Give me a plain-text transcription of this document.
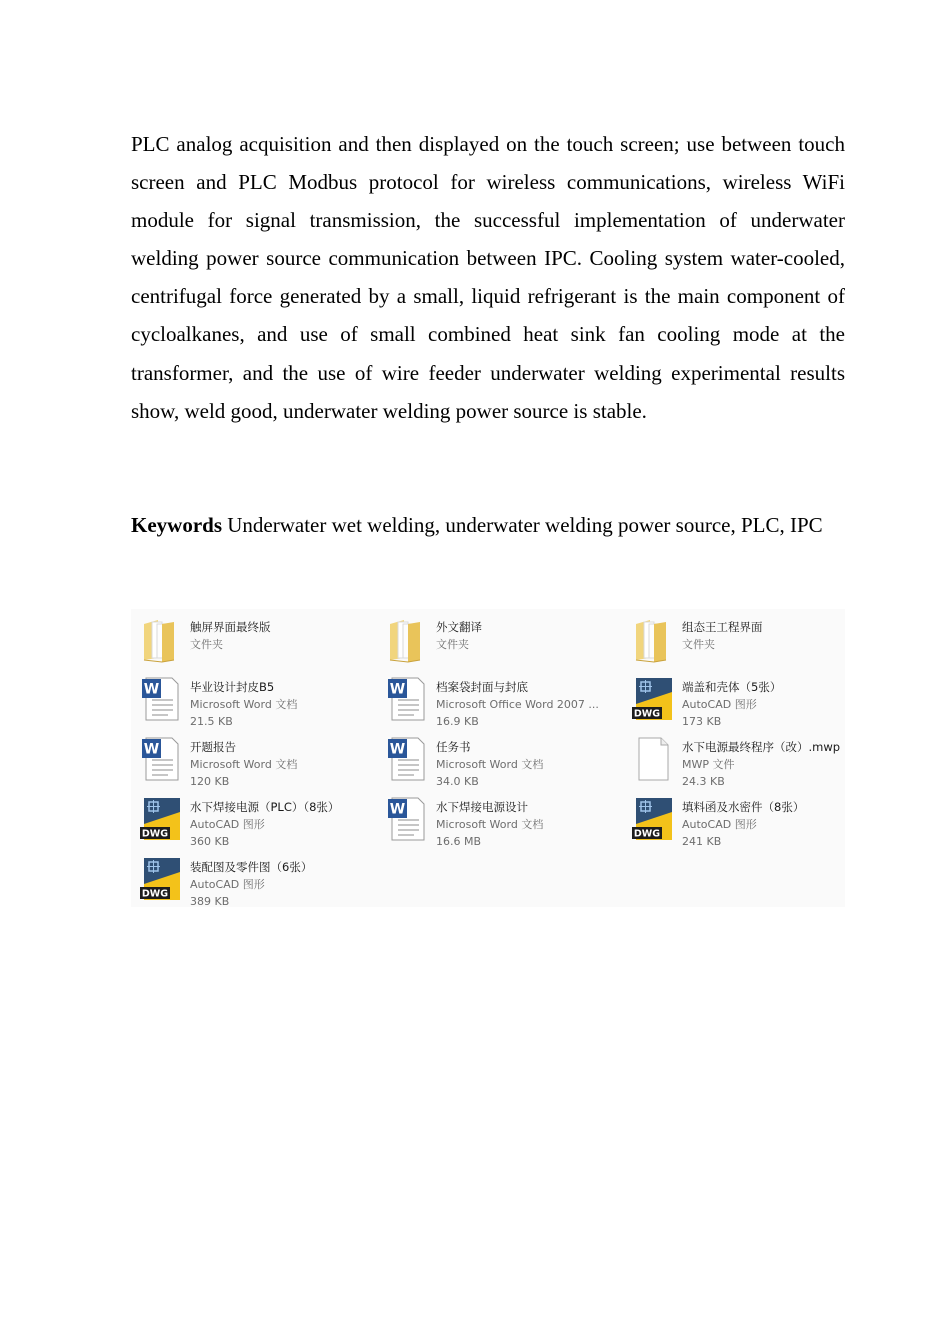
PLC analog acquisition and then displayed on the touch screen; use between touch screen and PLC Modbus protocol for wireless communications, wireless WiFi module for signal transmission, the successful implementation of underwater welding power source communication between IPC. Cooling system water-cooled, centrifugal force generated by a small, liquid refrigerant is the main component of cycloalkanes, and use of small combined heat sink fan cooling mode at the transformer, and the use of wire feeder underwater welding experimental results show, weld good, underwater welding power source is stable.

Keywords Underwater wet welding, underwater welding power source, PLC, IPC

触屏界面最终版
文件夹
外文翻译
文件夹
组态王工程界面
文件夹
W	毕业设计封皮B5
Microsoft Word 文档
21.5 KB
W	档案袋封面与封底
Microsoft Office Word 2007 ...
16.9 KB
DWG
端盖和壳体（5张）
AutoCAD 图形
173 KB
W	开题报告
Microsoft Word 文档
120 KB
W	任务书
Microsoft Word 文档
34.0 KB
水下电源最终程序（改）.mwp
MWP 文件
24.3 KB
DWG
水下焊接电源（PLC）（8张）
AutoCAD 图形
360 KB
W	水下焊接电源设计
Microsoft Word 文档
16.6 MB
DWG
填料函及水密件（8张）
AutoCAD 图形
241 KB
DWG
装配图及零件图（6张）
AutoCAD 图形
389 KB
